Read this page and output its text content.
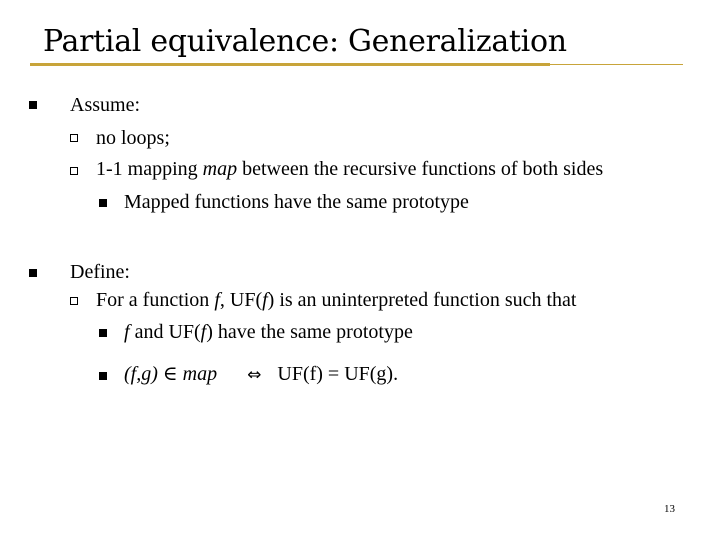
Partial equivalence: Generalization
Assume:
no loops;
1-1 mapping map between the recursive functions of both sides
Mapped functions have the same prototype
Define:
For a function f, UF(f) is an uninterpreted function such that
f and UF(f) have the same prototype
(f,g) ∈ map ⇔ UF(f) = UF(g).
13
